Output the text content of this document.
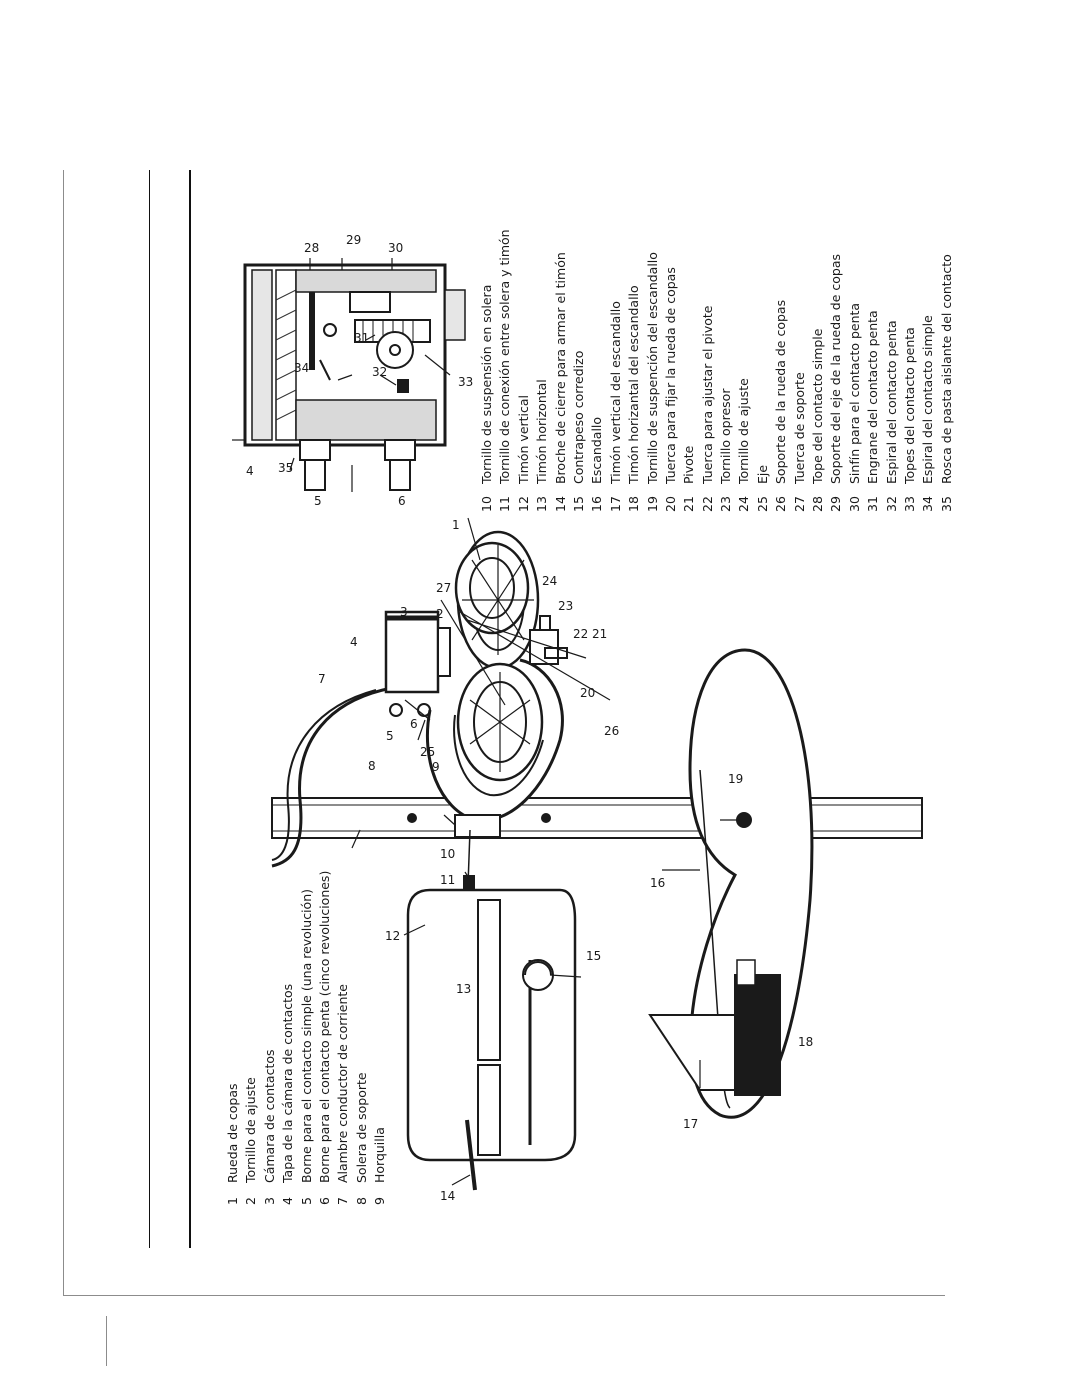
1
2
3
4
5
6
7
8	9
10
11
12
13
14
15
16
17
18
19
20
21
22
23
24
25
26
27
28
29
30
31
32
33
34
35
4
5	6
1 Rueda de copas
2 Tornillo de ajuste
3 Cámara de contactos
4 Tapa de la cámara de contactos
5 Borne para el contacto simple (una revolución)
6 Borne para el contacto penta (cinco revoluciones)
7 Alambre conductor de corriente
8 Solera de soporte
9 Horquilla
10 Tornillo de suspensión en solera
11 Tornillo de conexión entre solera y timón
12 Timón vertical
13 Timón horizontal
14 Broche de cierre para armar el timón
15 Contrapeso corredizo
16 Escandallo
17 Timón vertical del escandallo
18 Timón horizantal del escandallo
19 Tornillo de suspención del escandallo
20 Tuerca para fijar la rueda de copas
21 Pivote
22 Tuerca para ajustar el pivote
23 Tornillo opresor
24 Tornillo de ajuste
25 Eje
26 Soporte de la rueda de copas
27 Tuerca de soporte
28 Tope del contacto simple
29 Soporte del eje de la rueda de copas
30 Sinfín para el contacto penta
31 Engrane del contacto penta
32 Espiral del contacto penta
33 Topes del contacto penta
34 Espiral del contacto simple
35 Rosca de pasta aislante del contacto
